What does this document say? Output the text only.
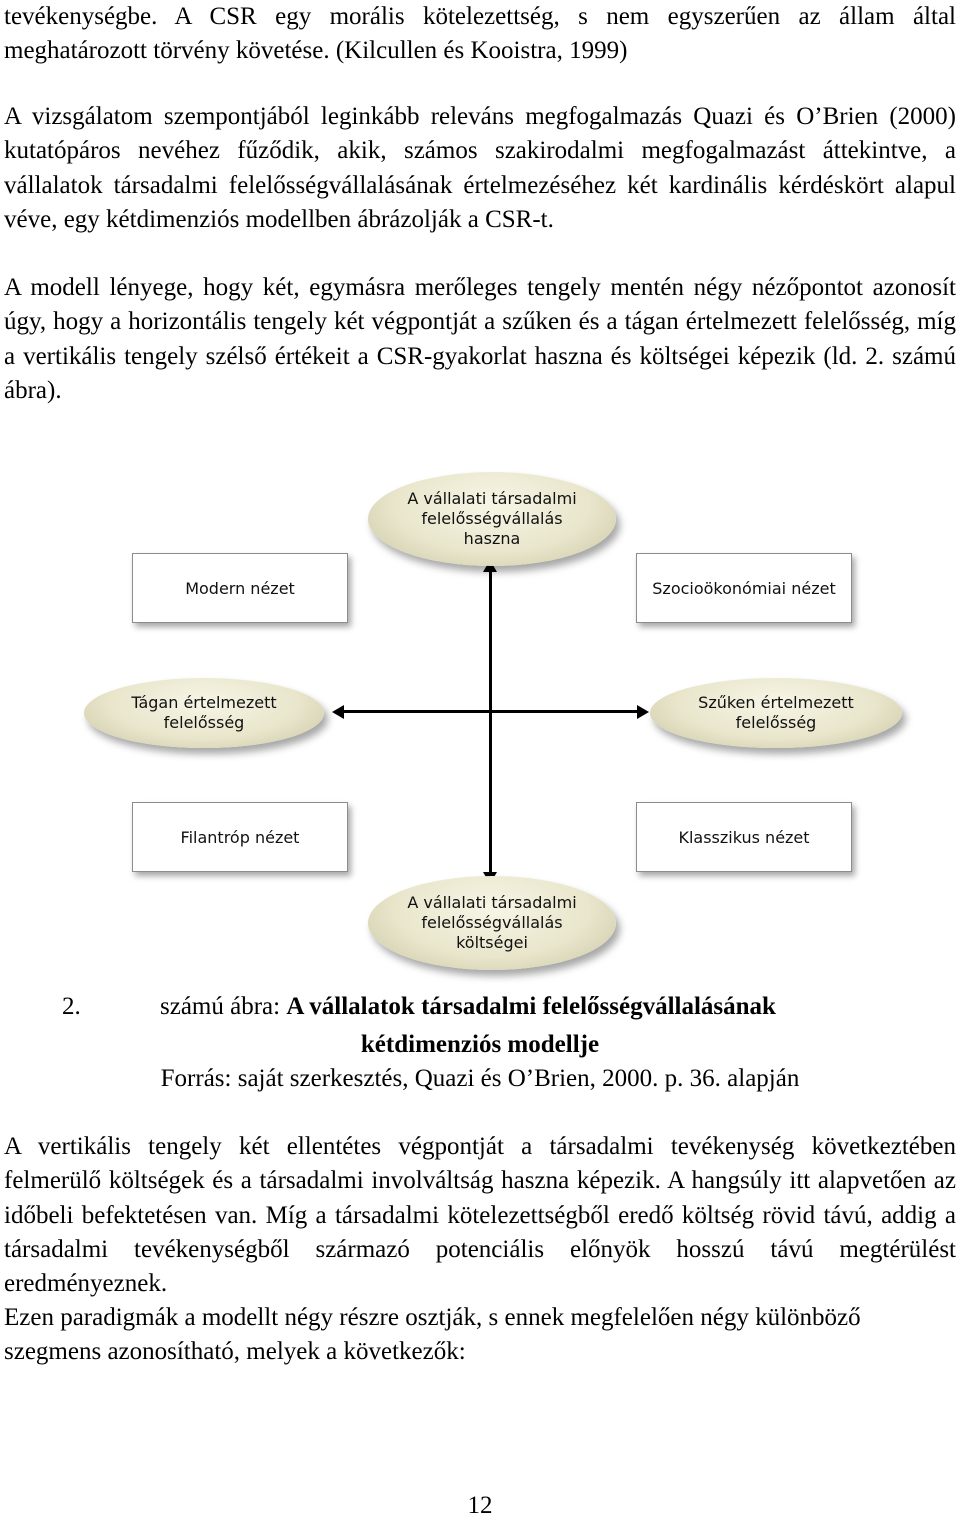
tevékenységbe. A CSR egy morális kötelezettség, s nem egyszerűen az állam által meghatározott törvény követése. (Kilcullen és Kooistra, 1999)

A vizsgálatom szempontjából leginkább releváns megfogalmazás Quazi és O’Brien (2000) kutatópáros nevéhez fűződik, akik, számos szakirodalmi megfogalmazást áttekintve, a vállalatok társadalmi felelősségvállalásának értelmezéséhez két kardinális kérdéskört alapul véve, egy kétdimenziós modellben ábrázolják a CSR-t.

A modell lényege, hogy két, egymásra merőleges tengely mentén négy nézőpontot azonosít úgy, hogy a horizontális tengely két végpontját a szűken és a tágan értelmezett felelősség, míg a vertikális tengely szélső értékeit a CSR-gyakorlat haszna és költségei képezik (ld. 2. számú ábra).

A vállalati társadalmi
felelősségvállalás
haszna
A vállalati társadalmi
felelősségvállalás
költségei
Tágan értelmezett
felelősség
Szűken értelmezett
felelősség
Modern nézet	Szocioökonómiai nézet
Filantróp nézet	Klasszikus nézet
2.	számú ábra: A vállalatok társadalmi felelősségvállalásának
kétdimenziós modellje
Forrás: saját szerkesztés, Quazi és O’Brien, 2000. p. 36. alapján

A vertikális tengely két ellentétes végpontját a társadalmi tevékenység következtében felmerülő költségek és a társadalmi involváltság haszna képezik. A hangsúly itt alapvetően az időbeli befektetésen van. Míg a társadalmi kötelezettségből eredő költség rövid távú, addig a társadalmi tevékenységből származó potenciális előnyök hosszú távú megtérülést eredményeznek.

Ezen paradigmák a modellt négy részre osztják, s ennek megfelelően négy különböző szegmens azonosítható, melyek a következők:

12
